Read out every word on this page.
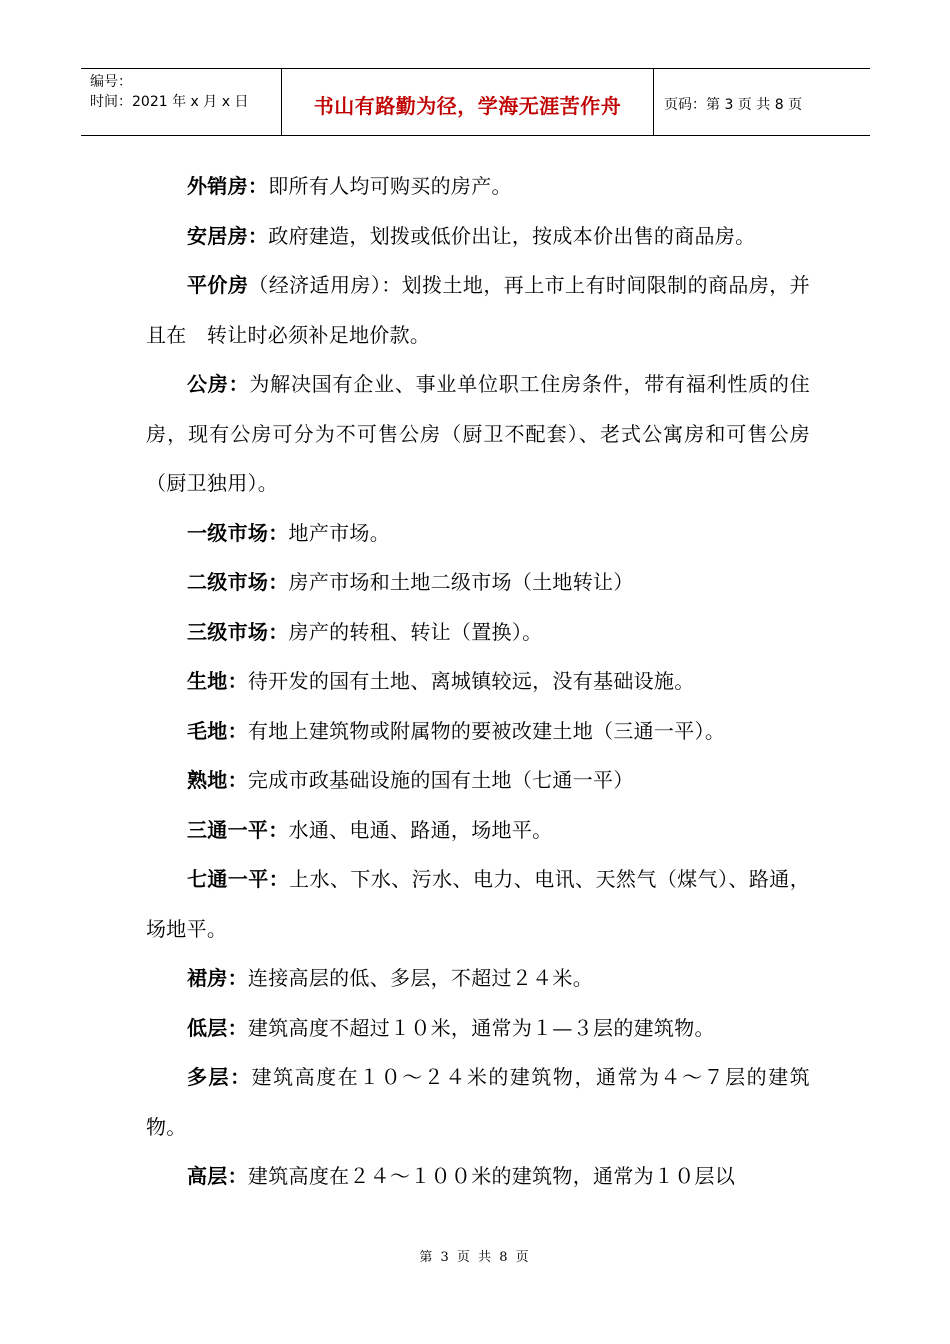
编号：
时间：2021 年 x 月 x 日	书山有路勤为径，学海无涯苦作舟	页码：第 3 页 共 8 页

外销房：即所有人均可购买的房产。

安居房：政府建造，划拨或低价出让，按成本价出售的商品房。

平价房（经济适用房）：划拨土地，再上市上有时间限制的商品房，并且在　转让时必须补足地价款。

公房：为解决国有企业、事业单位职工住房条件，带有福利性质的住房，现有公房可分为不可售公房（厨卫不配套）、老式公寓房和可售公房（厨卫独用）。

一级市场：地产市场。

二级市场：房产市场和土地二级市场（土地转让）

三级市场：房产的转租、转让（置换）。

生地：待开发的国有土地、离城镇较远，没有基础设施。

毛地：有地上建筑物或附属物的要被改建土地（三通一平）。

熟地：完成市政基础设施的国有土地（七通一平）

三通一平：水通、电通、路通，场地平。

七通一平：上水、下水、污水、电力、电讯、天然气（煤气）、路通，场地平。

裙房：连接高层的低、多层，不超过２４米。

低层：建筑高度不超过１０米，通常为１—３层的建筑物。

多层：建筑高度在１０～２４米的建筑物，通常为４～７层的建筑物。

高层：建筑高度在２４～１００米的建筑物，通常为１０层以

第 3 页 共 8 页
